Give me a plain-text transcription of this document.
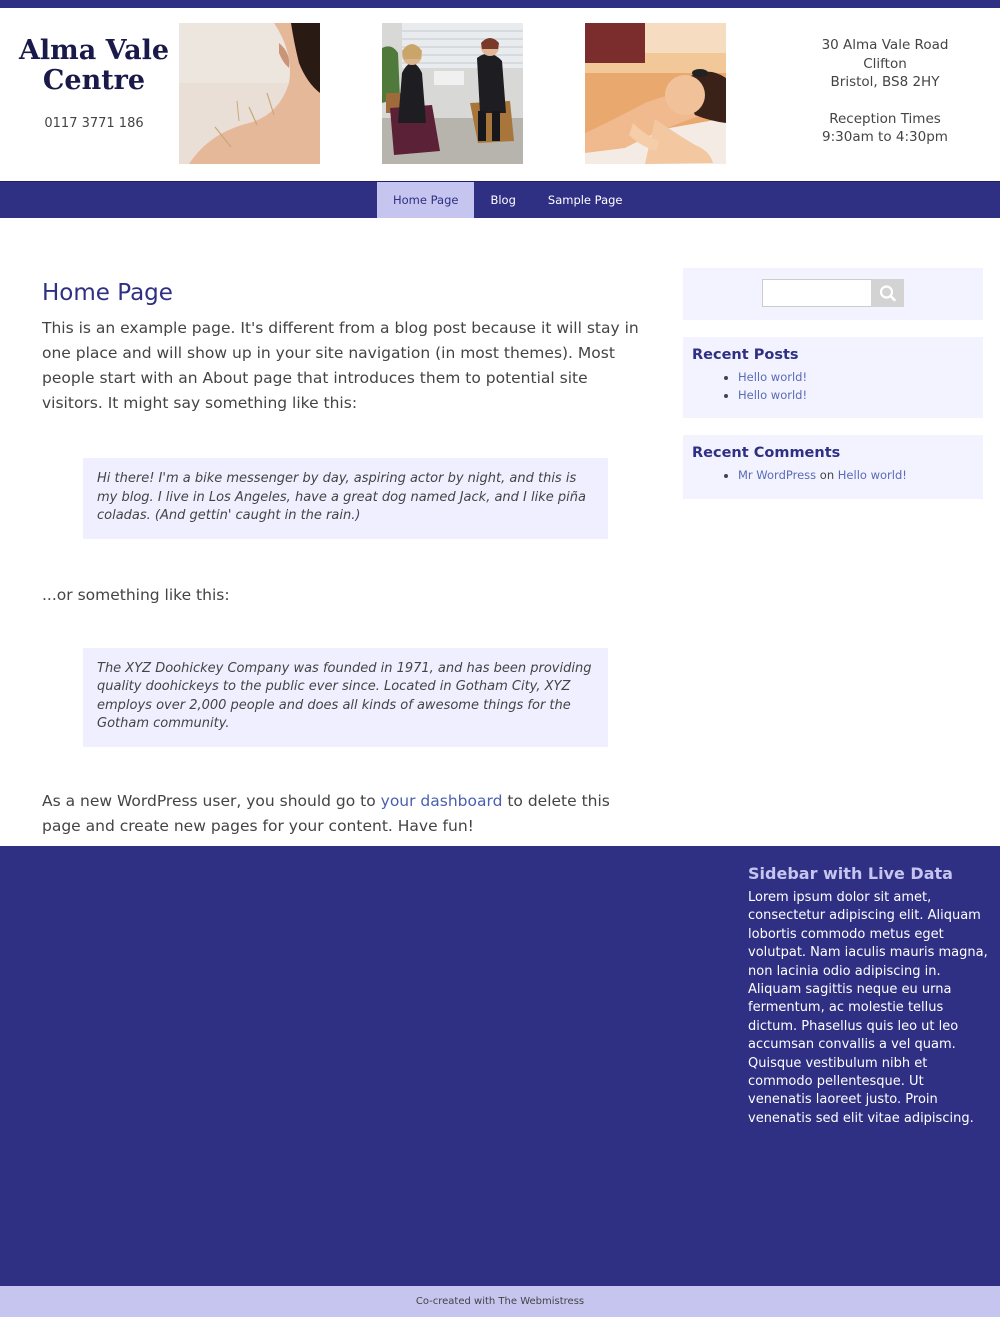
Alma Vale Centre
0117 3771 186
30 Alma Vale Road
Clifton
Bristol, BS8 2HY
Reception Times
9:30am to 4:30pm
Home Page	Blog	Sample Page
Home Page

This is an example page. It's different from a blog post because it will stay in one place and will show up in your site navigation (in most themes). Most people start with an About page that introduces them to potential site visitors. It might say something like this:

Hi there! I'm a bike messenger by day, aspiring actor by night, and this is my blog. I live in Los Angeles, have a great dog named Jack, and I like piña coladas. (And gettin' caught in the rain.)

...or something like this:

The XYZ Doohickey Company was founded in 1971, and has been providing quality doohickeys to the public ever since. Located in Gotham City, XYZ employs over 2,000 people and does all kinds of awesome things for the Gotham community.

As a new WordPress user, you should go to your dashboard to delete this page and create new pages for your content. Have fun!

Recent Posts
• Hello world!
• Hello world!
Recent Comments
• Mr WordPress on Hello world!
Sidebar with Live Data

Lorem ipsum dolor sit amet, consectetur adipiscing elit. Aliquam lobortis commodo metus eget volutpat. Nam iaculis mauris magna, non lacinia odio adipiscing in. Aliquam sagittis neque eu urna fermentum, ac molestie tellus dictum. Phasellus quis leo ut leo accumsan convallis a vel quam. Quisque vestibulum nibh et commodo pellentesque. Ut venenatis laoreet justo. Proin venenatis sed elit vitae adipiscing.

Co-created with The Webmistress
